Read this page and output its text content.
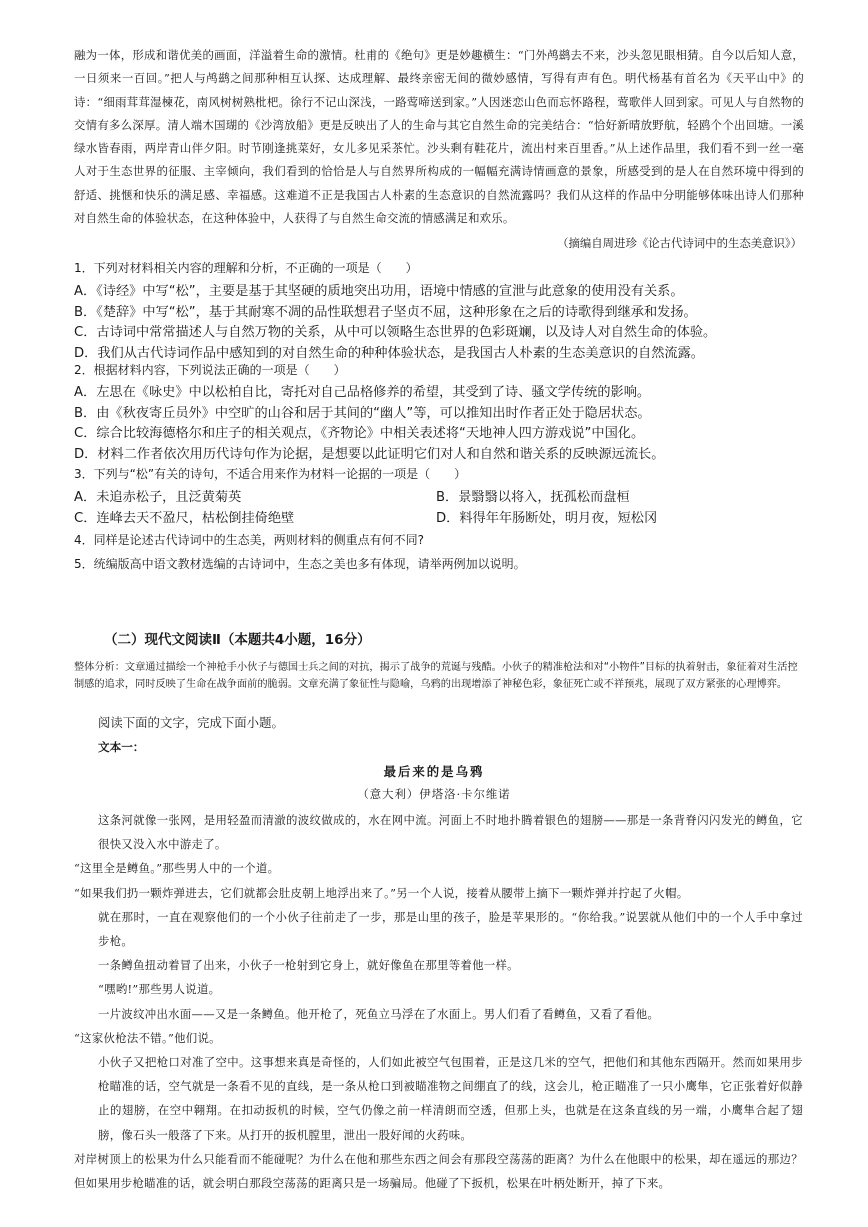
融为一体，形成和谐优美的画面，洋溢着生命的激情。杜甫的《绝句》更是妙趣横生：“门外鸬鹚去不来，沙头忽见眼相猜。自今以后知人意，一日须来一百回。”把人与鸬鹚之间那种相互认探、达成理解、最终亲密无间的微妙感情，写得有声有色。明代杨基有首名为《天平山中》的诗：“细雨茸茸湿楝花，南风树树熟枇杷。徐行不记山深浅，一路莺啼送到家。”人因迷恋山色而忘怀路程，莺歌伴人回到家。可见人与自然物的交情有多么深厚。清人端木国瑚的《沙湾放船》更是反映出了人的生命与其它自然生命的完美结合：“恰好新晴放野航，轻鸥个个出回塘。一溪绿水皆春雨，两岸青山伴夕阳。时节刚逢挑菜好，女儿多见采茶忙。沙头剩有鞋花片，流出村来百里香。”从上述作品里，我们看不到一丝一毫人对于生态世界的征服、主宰倾向，我们看到的恰恰是人与自然界所构成的一幅幅充满诗情画意的景象，所感受到的是人在自然环境中得到的舒适、挑惬和快乐的满足感、幸福感。这难道不正是我国古人朴素的生态意识的自然流露吗？我们从这样的作品中分明能够体味出诗人们那种对自然生命的体验状态，在这种体验中，人获得了与自然生命交流的情感满足和欢乐。

（摘编自周进珍《论古代诗词中的生态美意识》）
1．下列对材料相关内容的理解和分析，不正确的一项是（　　）
A．《诗经》中写“松”，主要是基于其坚硬的质地突出功用，语境中情感的宣泄与此意象的使用没有关系。
B．《楚辞》中写“松”，基于其耐寒不凋的品性联想君子坚贞不屈，这种形象在之后的诗歌得到继承和发扬。
C．古诗词中常常描述人与自然万物的关系，从中可以领略生态世界的色彩斑斓，以及诗人对自然生命的体验。
D．我们从古代诗词作品中感知到的对自然生命的种种体验状态，是我国古人朴素的生态美意识的自然流露。
2．根据材料内容，下列说法正确的一项是（　　）
A．左思在《咏史》中以松柏自比，寄托对自己品格修养的希望，其受到了诗、骚文学传统的影响。
B．由《秋夜寄丘员外》中空旷的山谷和居于其间的“幽人”等，可以推知出时作者正处于隐居状态。
C．综合比较海德格尔和庄子的相关观点，《齐物论》中相关表述将“天地神人四方游戏说”中国化。
D．材料二作者依次用历代诗句作为论据，是想要以此证明它们对人和自然和谐关系的反映源远流长。
3．下列与“松”有关的诗句，不适合用来作为材料一论据的一项是（　　）
A．未追赤松子，且泛黄菊英	B．景翳翳以将入，抚孤松而盘桓
C．连峰去天不盈尺，枯松倒挂倚绝壁	D．料得年年肠断处，明月夜，短松冈
4．同样是论述古代诗词中的生态美，两则材料的侧重点有何不同?
5．统编版高中语文教材选编的古诗词中，生态之美也多有体现，请举两例加以说明。
（二）现代文阅读Ⅱ（本题共4小题，16分）
整体分析：文章通过描绘一个神枪手小伙子与德国士兵之间的对抗，揭示了战争的荒诞与残酷。小伙子的精准枪法和对“小物件”目标的执着射击，象征着对生活控制感的追求，同时反映了生命在战争面前的脆弱。文章充满了象征性与隐喻，乌鸦的出现增添了神秘色彩，象征死亡或不祥预兆，展现了双方紧张的心理博弈。
阅读下面的文字，完成下面小题。
文本一：
最后来的是乌鸦
（意大利）伊塔洛·卡尔维诺

这条河就像一张网，是用轻盈而清澈的波纹做成的，水在网中流。河面上不时地扑腾着银色的翅膀——那是一条背脊闪闪发光的鳟鱼，它很快又没入水中游走了。

“这里全是鳟鱼。”那些男人中的一个道。

“如果我们扔一颗炸弹进去，它们就都会肚皮朝上地浮出来了。”另一个人说，接着从腰带上摘下一颗炸弹并拧起了火帽。

就在那时，一直在观察他们的一个小伙子往前走了一步，那是山里的孩子，脸是苹果形的。“你给我。”说罢就从他们中的一个人手中拿过步枪。

一条鳟鱼扭动着冒了出来，小伙子一枪射到它身上，就好像鱼在那里等着他一样。

“嘿哟!”那些男人说道。

一片波纹冲出水面——又是一条鳟鱼。他开枪了，死鱼立马浮在了水面上。男人们看了看鳟鱼，又看了看他。

“这家伙枪法不错。”他们说。

小伙子又把枪口对准了空中。这事想来真是奇怪的，人们如此被空气包围着，正是这几米的空气，把他们和其他东西隔开。然而如果用步枪瞄准的话，空气就是一条看不见的直线，是一条从枪口到被瞄准物之间绷直了的线，这会儿，枪正瞄准了一只小鹰隼，它正张着好似静止的翅膀，在空中翱翔。在扣动扳机的时候，空气仍像之前一样清朗而空透，但那上头，也就是在这条直线的另一端，小鹰隼合起了翅膀，像石头一般落了下来。从打开的扳机膛里，泄出一股好闻的火药味。

对岸树顶上的松果为什么只能看而不能碰呢？为什么在他和那些东西之间会有那段空荡荡的距离？为什么在他眼中的松果，却在遥远的那边？但如果用步枪瞄准的话，就会明白那段空荡荡的距离只是一场骗局。他碰了下扳机，松果在叶柄处断开，掉了下来。
